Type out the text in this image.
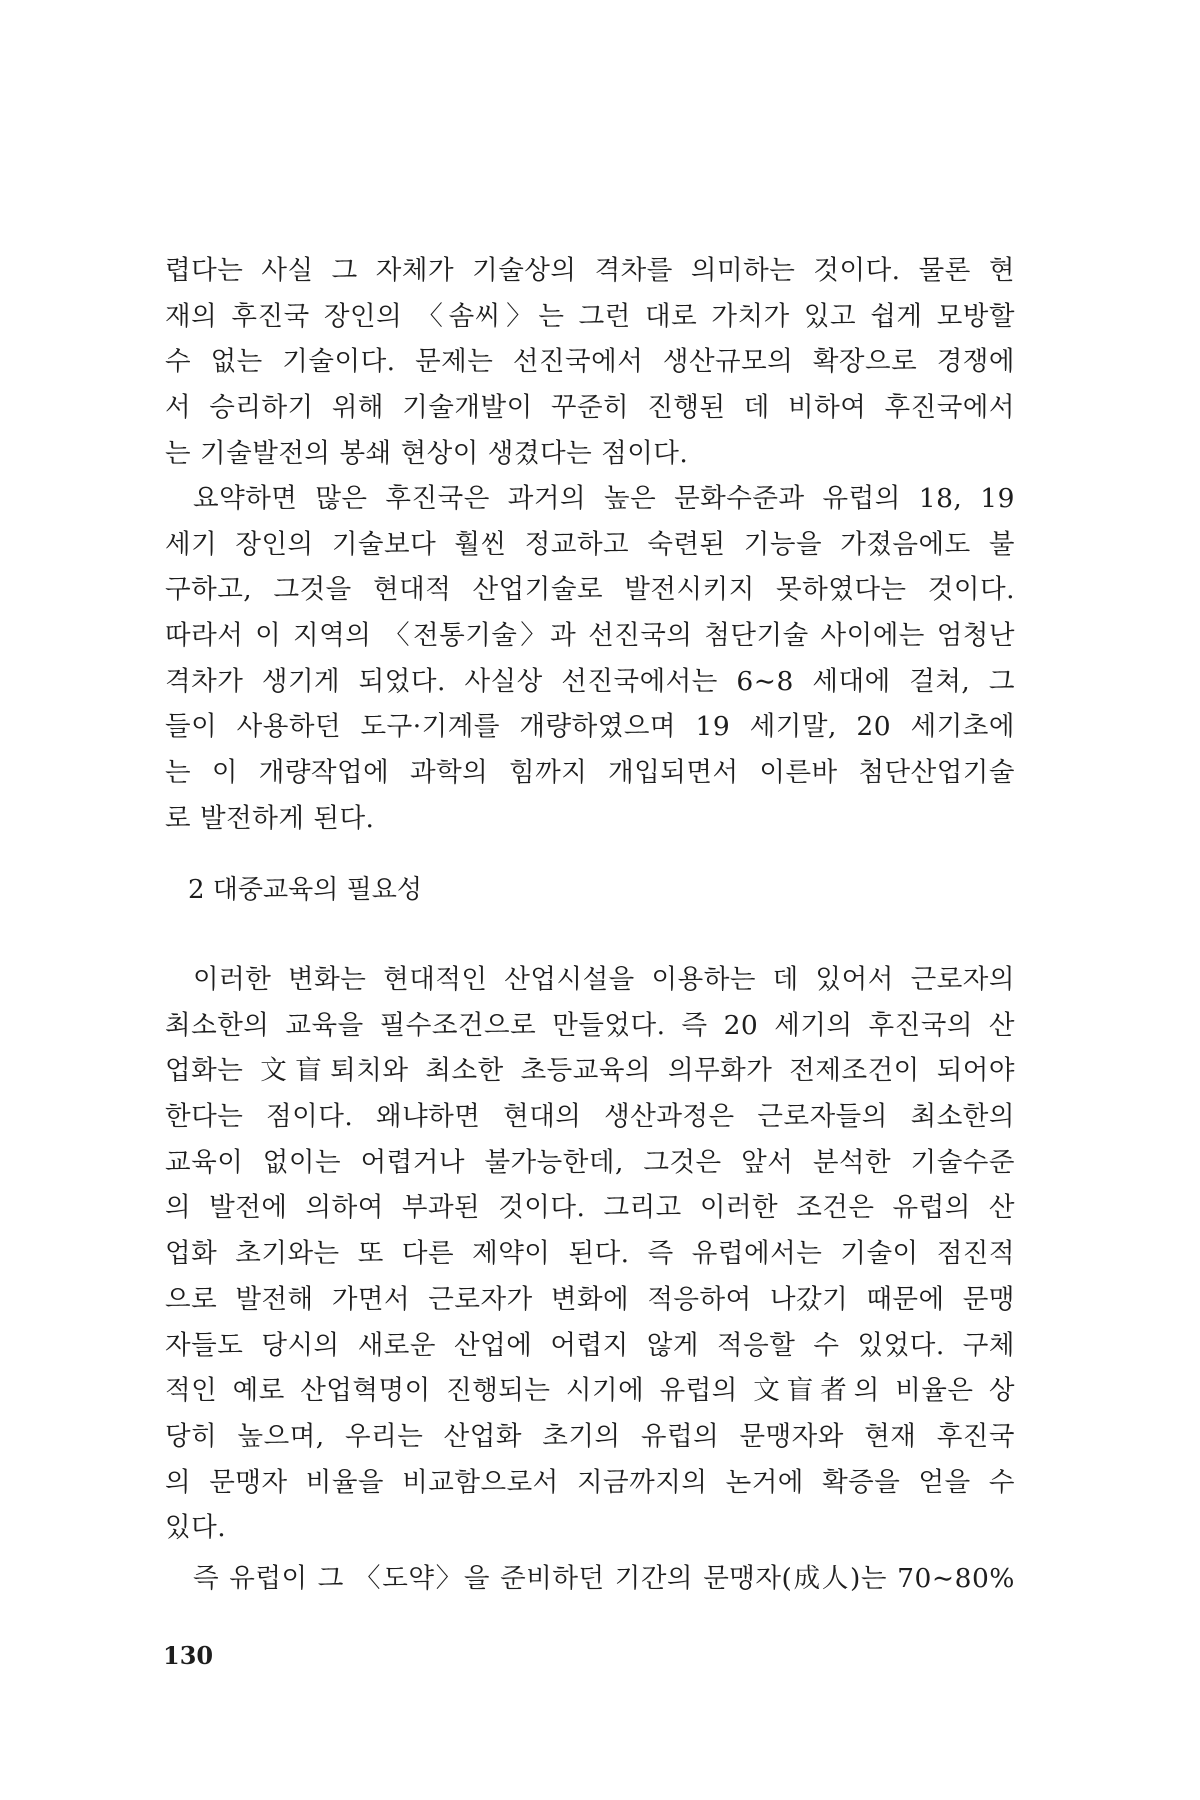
렵다는 사실 그 자체가 기술상의 격차를 의미하는 것이다. 물론 현
재의 후진국 장인의 〈솜씨〉는 그런 대로 가치가 있고 쉽게 모방할
수 없는 기술이다. 문제는 선진국에서 생산규모의 확장으로 경쟁에
서 승리하기 위해 기술개발이 꾸준히 진행된 데 비하여 후진국에서
는 기술발전의 봉쇄 현상이 생겼다는 점이다.
요약하면 많은 후진국은 과거의 높은 문화수준과 유럽의 18, 19
세기 장인의 기술보다 훨씬 정교하고 숙련된 기능을 가졌음에도 불
구하고, 그것을 현대적 산업기술로 발전시키지 못하였다는 것이다.
따라서 이 지역의 〈전통기술〉과 선진국의 첨단기술 사이에는 엄청난
격차가 생기게 되었다. 사실상 선진국에서는 6∼8 세대에 걸쳐, 그
들이 사용하던 도구·기계를 개량하였으며 19 세기말, 20 세기초에
는 이 개량작업에 과학의 힘까지 개입되면서 이른바 첨단산업기술
로 발전하게 된다.
2 대중교육의 필요성
이러한 변화는 현대적인 산업시설을 이용하는 데 있어서 근로자의
최소한의 교육을 필수조건으로 만들었다. 즉 20 세기의 후진국의 산
업화는 文盲퇴치와 최소한 초등교육의 의무화가 전제조건이 되어야
한다는 점이다. 왜냐하면 현대의 생산과정은 근로자들의 최소한의
교육이 없이는 어렵거나 불가능한데, 그것은 앞서 분석한 기술수준
의 발전에 의하여 부과된 것이다. 그리고 이러한 조건은 유럽의 산
업화 초기와는 또 다른 제약이 된다. 즉 유럽에서는 기술이 점진적
으로 발전해 가면서 근로자가 변화에 적응하여 나갔기 때문에 문맹
자들도 당시의 새로운 산업에 어렵지 않게 적응할 수 있었다. 구체
적인 예로 산업혁명이 진행되는 시기에 유럽의 文盲者의 비율은 상
당히 높으며, 우리는 산업화 초기의 유럽의 문맹자와 현재 후진국
의 문맹자 비율을 비교함으로서 지금까지의 논거에 확증을 얻을 수
있다.
즉 유럽이 그 〈도약〉을 준비하던 기간의 문맹자(成人)는 70∼80%

130
